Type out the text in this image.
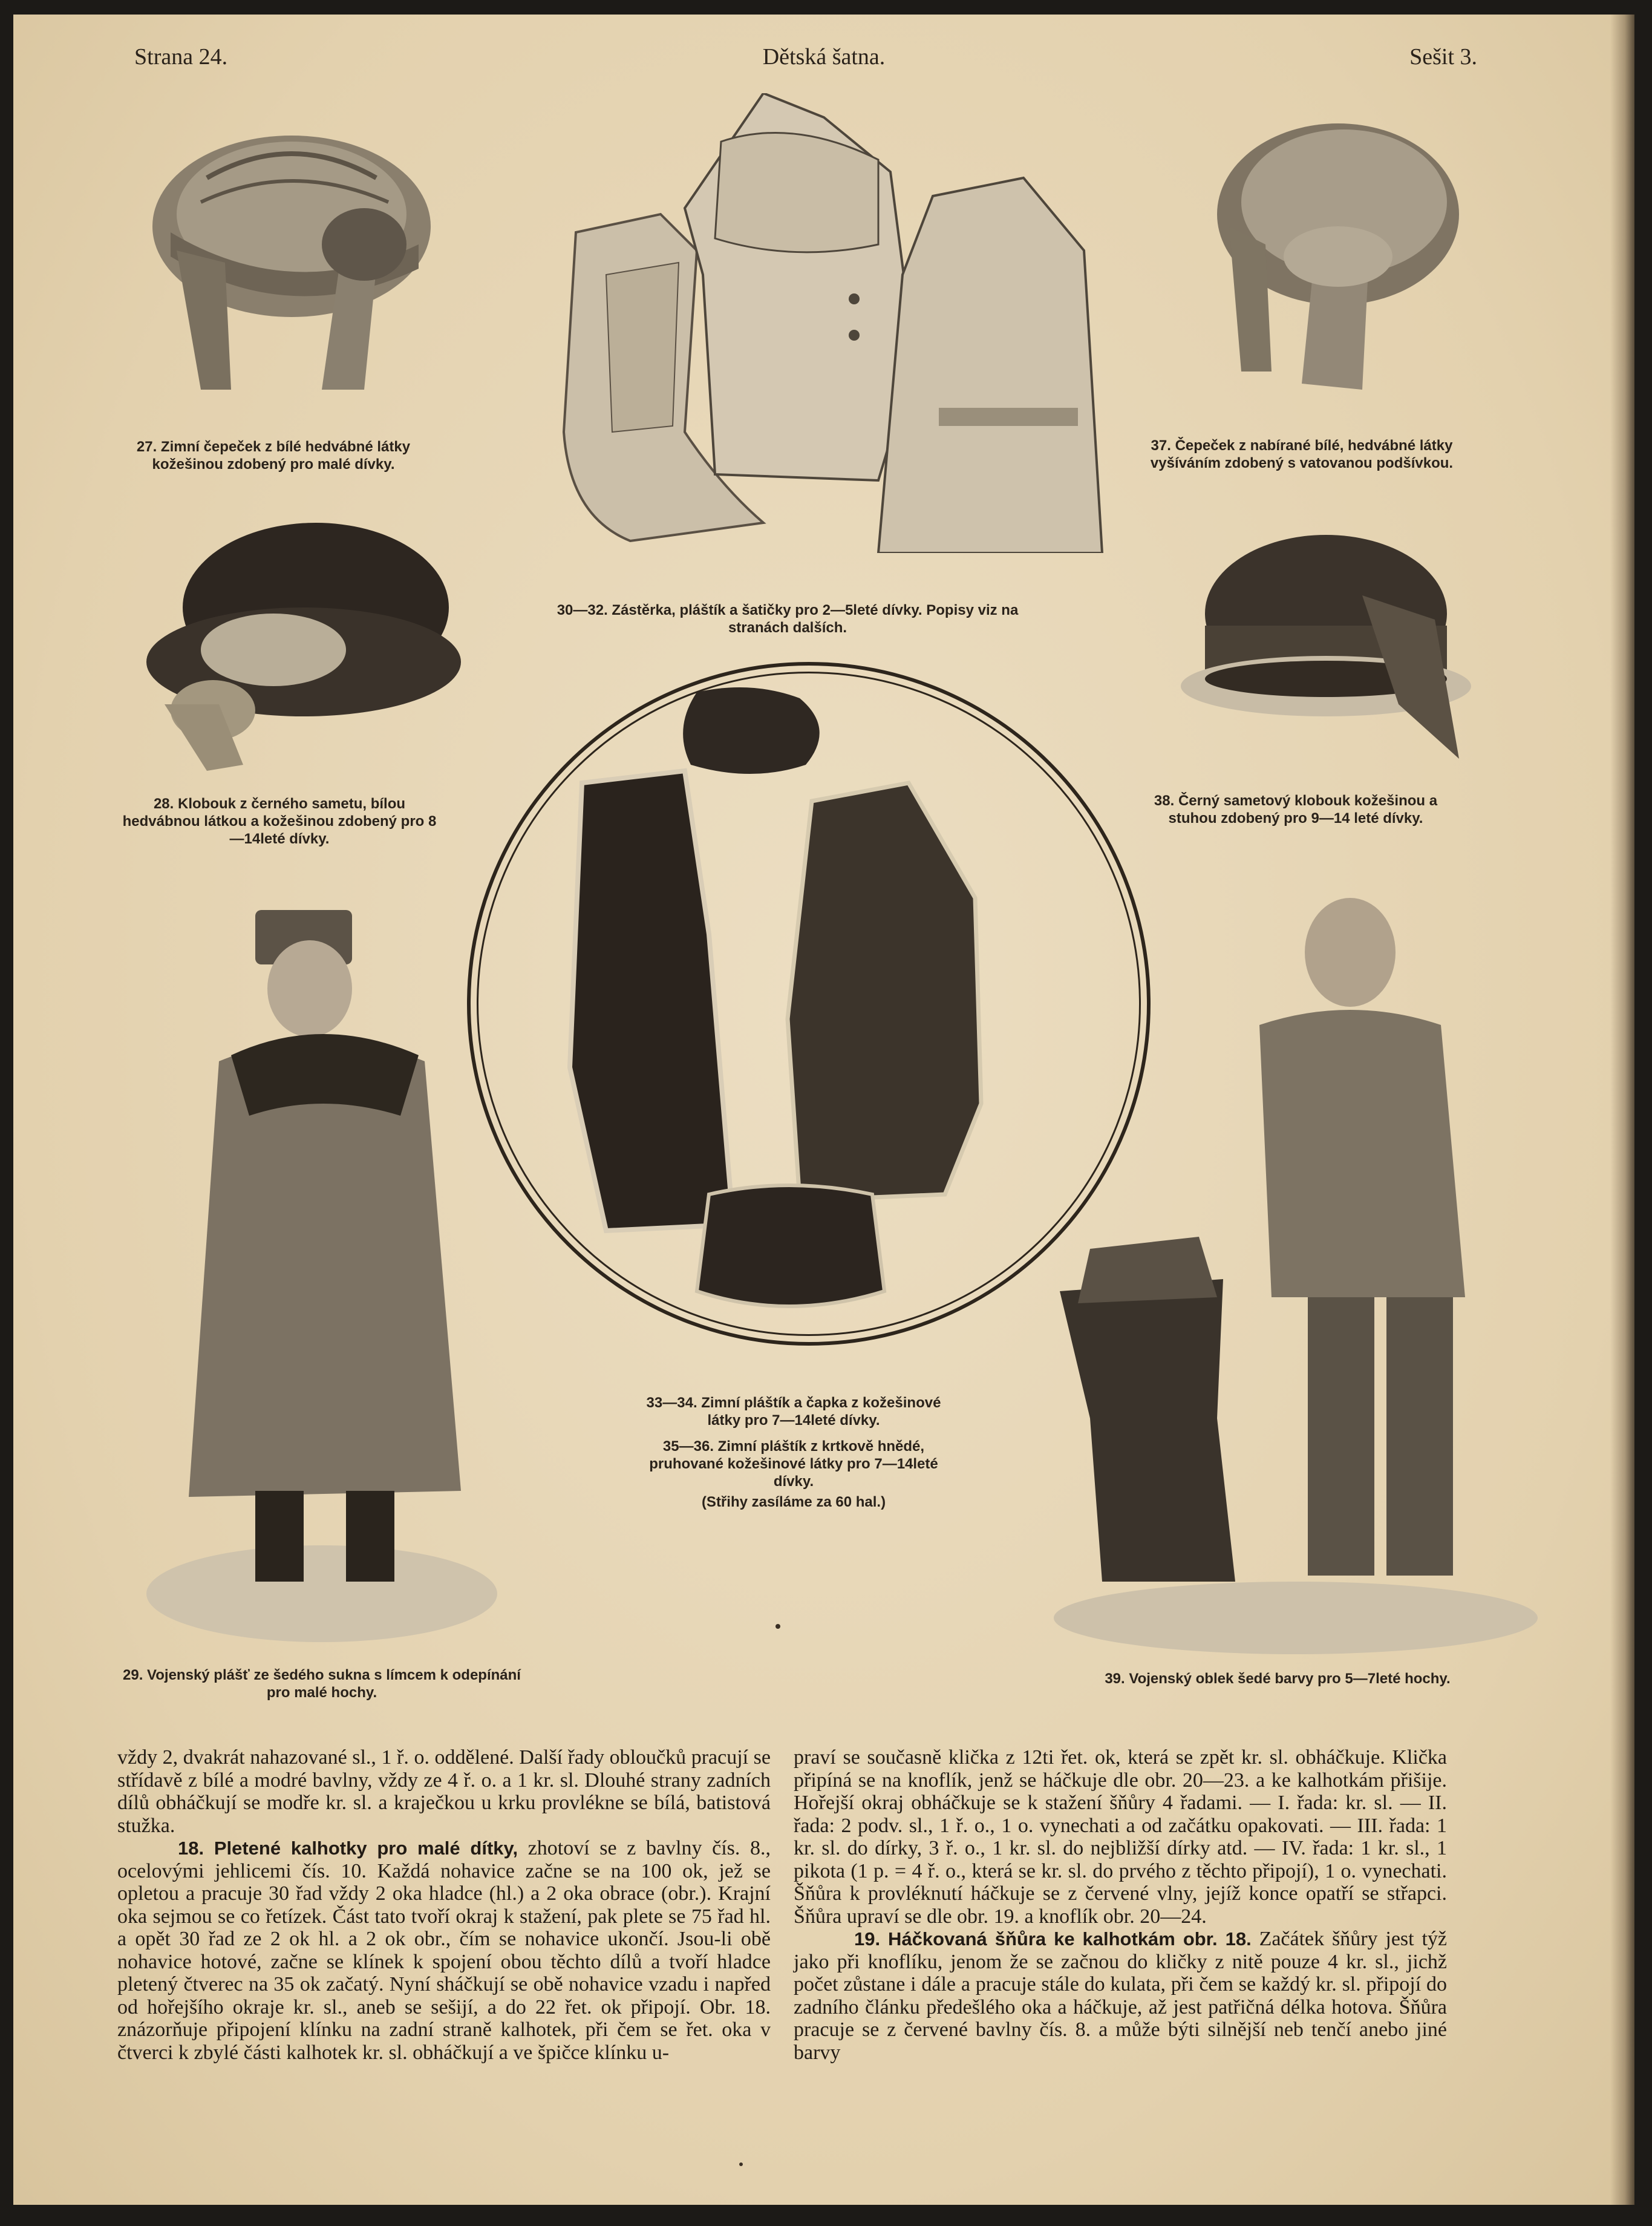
Strana 24.	Dětská šatna.	Sešit 3.
27. Zimní čepeček z bílé hedvábné látky kožešinou zdobený pro malé dívky.
30—32. Zástěrka, pláštík a šatičky pro 2—5leté dívky. Popisy viz na stranách dalších.
37. Čepeček z nabírané bílé, hedvábné látky vyšíváním zdobený s vatovanou podšívkou.
28. Klobouk z černého sametu, bílou hedvábnou látkou a kožešinou zdobený pro 8—14leté dívky.
38. Černý sametový klobouk kožešinou a stuhou zdobený pro 9—14 leté dívky.
33—34. Zimní pláštík a čapka z kožešinové látky pro 7—14leté dívky.
35—36. Zimní pláštík z krtkově hnědé, pruhované kožešinové látky pro 7—14leté dívky.
(Střihy zasíláme za 60 hal.)
29. Vojenský plášť ze šedého sukna s límcem k odepínání pro malé hochy.
39. Vojenský oblek šedé barvy pro 5—7leté hochy.

vždy 2, dvakrát nahazované sl., 1 ř. o. oddělené. Další řady obloučků pracují se střídavě z bílé a modré bavlny, vždy ze 4 ř. o. a 1 kr. sl. Dlouhé strany zadních dílů obháčkují se modře kr. sl. a kraječkou u krku provlékne se bílá, batistová stužka.

18. Pletené kalhotky pro malé dítky, zhotoví se z bavlny čís. 8., ocelovými jehlicemi čís. 10. Každá nohavice začne se na 100 ok, jež se opletou a pracuje 30 řad vždy 2 oka hladce (hl.) a 2 oka obrace (obr.). Krajní oka sejmou se co řetízek. Část tato tvoří okraj k stažení, pak plete se 75 řad hl. a opět 30 řad ze 2 ok hl. a 2 ok obr., čím se nohavice ukončí. Jsou-li obě nohavice hotové, začne se klínek k spojení obou těchto dílů a tvoří hladce pletený čtverec na 35 ok začatý. Nyní sháčkují se obě nohavice vzadu i napřed od hořejšího okraje kr. sl., aneb se sešijí, a do 22 řet. ok připojí. Obr. 18. znázorňuje připojení klínku na zadní straně kalhotek, při čem se řet. oka v čtverci k zbylé části kalhotek kr. sl. obháčkují a ve špičce klínku u-

praví se současně klička z 12ti řet. ok, která se zpět kr. sl. obháčkuje. Klička připíná se na knoflík, jenž se háčkuje dle obr. 20—23. a ke kalhotkám přišije. Hořejší okraj obháčkuje se k stažení šňůry 4 řadami. — I. řada: kr. sl. — II. řada: 2 podv. sl., 1 ř. o., 1 o. vynechati a od začátku opakovati. — III. řada: 1 kr. sl. do dírky, 3 ř. o., 1 kr. sl. do nejbližší dírky atd. — IV. řada: 1 kr. sl., 1 pikota (1 p. = 4 ř. o., která se kr. sl. do prvého z těchto připojí), 1 o. vynechati. Šňůra k provléknutí háčkuje se z červené vlny, jejíž konce opatří se střapci. Šňůra upraví se dle obr. 19. a knoflík obr. 20—24.

19. Háčkovaná šňůra ke kalhotkám obr. 18. Začátek šňůry jest týž jako při knoflíku, jenom že se začnou do kličky z nitě pouze 4 kr. sl., jichž počet zůstane i dále a pracuje stále do kulata, při čem se každý kr. sl. připojí do zadního článku předešlého oka a háčkuje, až jest patřičná délka hotova. Šňůra pracuje se z červené bavlny čís. 8. a může býti silnější neb tenčí anebo jiné barvy
